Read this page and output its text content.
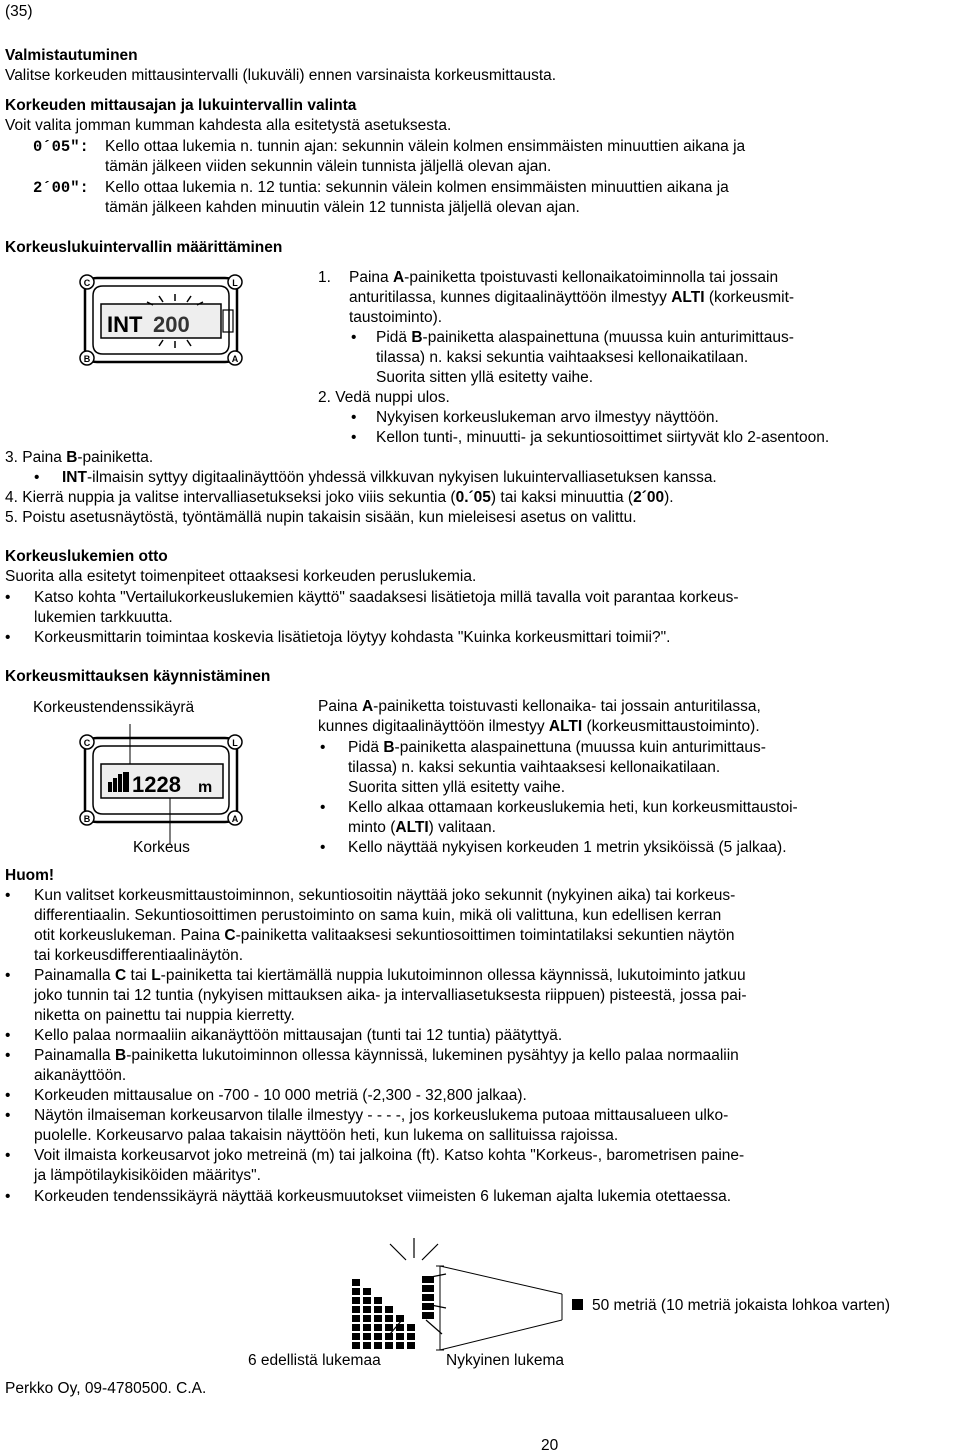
(35)
Valmistautuminen
Valitse korkeuden mittausintervalli (lukuväli) ennen varsinaista korkeusmittausta.
Korkeuden mittausajan ja lukuintervallin valinta
Voit valita jomman kumman kahdesta alla esitetystä asetuksesta.
0´05": Kello ottaa lukemia n. tunnin ajan: sekunnin välein kolmen ensimmäisten minuuttien aikana ja
tämän jälkeen viiden sekunnin välein tunnista jäljellä olevan ajan.
2´00": Kello ottaa lukemia n. 12 tuntia: sekunnin välein kolmen ensimmäisten minuuttien aikana ja
tämän jälkeen kahden minuutin välein 12 tunnista jäljellä olevan ajan.
Korkeuslukuintervallin määrittäminen
C	L
B	A
INT 200
1. Paina A-painiketta tpoistuvasti kellonaikatoiminnolla tai jossain
anturitilassa, kunnes digitaalinäyttöön ilmestyy ALTI (korkeusmit-
taustoiminto).
• Pidä B-painiketta alaspainettuna (muussa kuin anturimittaus-
tilassa) n. kaksi sekuntia vaihtaaksesi kellonaikatilaan.
Suorita sitten yllä esitetty vaihe.
2. Vedä nuppi ulos.
• Nykyisen korkeuslukeman arvo ilmestyy näyttöön.
• Kellon tunti-, minuutti- ja sekuntiosoittimet siirtyvät klo 2-asentoon.
3. Paina B-painiketta.
• INT-ilmaisin syttyy digitaalinäyttöön yhdessä vilkkuvan nykyisen lukuintervalliasetuksen kanssa.
4. Kierrä nuppia ja valitse intervalliasetukseksi joko viiis sekuntia (0.´05) tai kaksi minuuttia (2´00).
5. Poistu asetusnäytöstä, työntämällä nupin takaisin sisään, kun mieleisesi asetus on valittu.
Korkeuslukemien otto
Suorita alla esitetyt toimenpiteet ottaaksesi korkeuden peruslukemia.
• Katso kohta "Vertailukorkeuslukemien käyttö" saadaksesi lisätietoja millä tavalla voit parantaa korkeus-
lukemien tarkkuutta.
• Korkeusmittarin toimintaa koskevia lisätietoja löytyy kohdasta "Kuinka korkeusmittari toimii?".
Korkeusmittauksen käynnistäminen
Korkeustendenssikäyrä
C	L
B	A
1228 m
Korkeus
Paina A-painiketta toistuvasti kellonaika- tai jossain anturitilassa,
kunnes digitaalinäyttöön ilmestyy ALTI (korkeusmittaustoiminto).
• Pidä B-painiketta alaspainettuna (muussa kuin anturimittaus-
tilassa) n. kaksi sekuntia vaihtaaksesi kellonaikatilaan.
Suorita sitten yllä esitetty vaihe.
• Kello alkaa ottamaan korkeuslukemia heti, kun korkeusmittaustoi-
minto (ALTI) valitaan.
• Kello näyttää nykyisen korkeuden 1 metrin yksiköissä (5 jalkaa).
Huom!
• Kun valitset korkeusmittaustoiminnon, sekuntiosoitin näyttää joko sekunnit (nykyinen aika) tai korkeus-
differentiaalin. Sekuntiosoittimen perustoiminto on sama kuin, mikä oli valittuna, kun edellisen kerran
otit korkeuslukeman. Paina C-painiketta valitaaksesi sekuntiosoittimen toimintatilaksi sekuntien näytön
tai korkeusdifferentiaalinäytön.
• Painamalla C tai L-painiketta tai kiertämällä nuppia lukutoiminnon ollessa käynnissä, lukutoiminto jatkuu
joko tunnin tai 12 tuntia (nykyisen mittauksen aika- ja intervalliasetuksesta riippuen) pisteestä, jossa pai-
niketta on painettu tai nuppia kierretty.
• Kello palaa normaaliin aikanäyttöön mittausajan (tunti tai 12 tuntia) päätyttyä.
• Painamalla B-painiketta lukutoiminnon ollessa käynnissä, lukeminen pysähtyy ja kello palaa normaaliin
aikanäyttöön.
• Korkeuden mittausalue on -700 - 10 000 metriä (-2,300 - 32,800 jalkaa).
• Näytön ilmaiseman korkeusarvon tilalle ilmestyy - - - -, jos korkeuslukema putoaa mittausalueen ulko-
puolelle. Korkeusarvo palaa takaisin näyttöön heti, kun lukema on sallituissa rajoissa.
• Voit ilmaista korkeusarvot joko metreinä (m) tai jalkoina (ft). Katso kohta "Korkeus-, barometrisen paine-
ja lämpötilaykisiköiden määritys".
• Korkeuden tendenssikäyrä näyttää korkeusmuutokset viimeisten 6 lukeman ajalta lukemia otettaessa.
50 metriä (10 metriä jokaista lohkoa varten)
6 edellistä lukemaa	Nykyinen lukema
Perkko Oy, 09-4780500. C.A.
20
